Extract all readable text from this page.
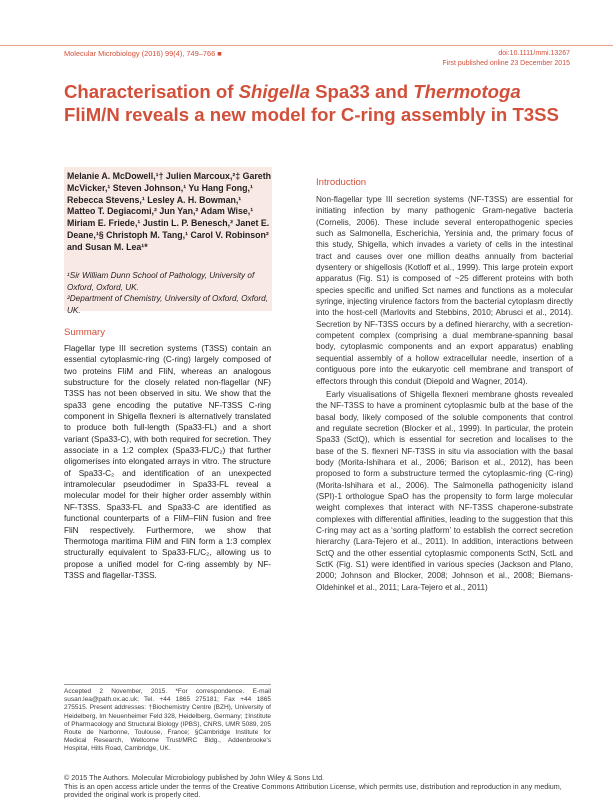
Molecular Microbiology (2016) 99(4), 749–766 ■	doi:10.1111/mmi.13267
First published online 23 December 2015
Characterisation of Shigella Spa33 and Thermotoga FliM/N reveals a new model for C-ring assembly in T3SS
Melanie A. McDowell,¹† Julien Marcoux,²‡ Gareth McVicker,¹ Steven Johnson,¹ Yu Hang Fong,¹ Rebecca Stevens,¹ Lesley A. H. Bowman,¹ Matteo T. Degiacomi,² Jun Yan,² Adam Wise,¹ Miriam E. Friede,¹ Justin L. P. Benesch,² Janet E. Deane,¹§ Christoph M. Tang,¹ Carol V. Robinson² and Susan M. Lea¹*
¹Sir William Dunn School of Pathology, University of Oxford, Oxford, UK.
²Department of Chemistry, University of Oxford, Oxford, UK.
Summary
Flagellar type III secretion systems (T3SS) contain an essential cytoplasmic-ring (C-ring) largely composed of two proteins FliM and FliN, whereas an analogous substructure for the closely related non-flagellar (NF) T3SS has not been observed in situ. We show that the spa33 gene encoding the putative NF-T3SS C-ring component in Shigella flexneri is alternatively translated to produce both full-length (Spa33-FL) and a short variant (Spa33-C), with both required for secretion. They associate in a 1:2 complex (Spa33-FL/C₂) that further oligomerises into elongated arrays in vitro. The structure of Spa33-C₂ and identification of an unexpected intramolecular pseudodimer in Spa33-FL reveal a molecular model for their higher order assembly within NF-T3SS. Spa33-FL and Spa33-C are identified as functional counterparts of a FliM–FliN fusion and free FliN respectively. Furthermore, we show that Thermotoga maritima FliM and FliN form a 1:3 complex structurally equivalent to Spa33-FL/C₂, allowing us to propose a unified model for C-ring assembly by NF-T3SS and flagellar-T3SS.
Accepted 2 November, 2015. *For correspondence. E-mail susan.lea@path.ox.ac.uk; Tel. +44 1865 275181; Fax +44 1865 275515. Present addresses: †Biochemistry Centre (BZH), University of Heidelberg, Im Neuenheimer Feld 328, Heidelberg, Germany; ‡Institute of Pharmacology and Structural Biology (IPBS), CNRS, UMR 5089, 205 Route de Narbonne, Toulouse, France; §Cambridge Institute for Medical Research, Wellcome Trust/MRC Bldg., Addenbrooke's Hospital, Hills Road, Cambridge, UK.
Introduction

Non-flagellar type III secretion systems (NF-T3SS) are essential for initiating infection by many pathogenic Gram-negative bacteria (Cornelis, 2006). These include several enteropathogenic species such as Salmonella, Escherichia, Yersinia and, the primary focus of this study, Shigella, which invades a variety of cells in the intestinal tract and causes over one million deaths annually from bacterial dysentery or shigellosis (Kotloff et al., 1999). This large protein export apparatus (Fig. S1) is composed of ~25 different proteins with both species specific and unified Sct names and functions as a molecular syringe, injecting virulence factors from the bacterial cytoplasm directly into the host-cell (Marlovits and Stebbins, 2010; Abrusci et al., 2014). Secretion by NF-T3SS occurs by a defined hierarchy, with a secretion-competent complex (comprising a dual membrane-spanning basal body, cytoplasmic components and an export apparatus) enabling sequential assembly of a hollow extracellular needle, insertion of a contiguous pore into the eukaryotic cell membrane and transport of effectors through this conduit (Diepold and Wagner, 2014).

Early visualisations of Shigella flexneri membrane ghosts revealed the NF-T3SS to have a prominent cytoplasmic bulb at the base of the basal body, likely composed of the soluble components that control and regulate secretion (Blocker et al., 1999). In particular, the protein Spa33 (SctQ), which is essential for secretion and localises to the base of the S. flexneri NF-T3SS in situ via association with the basal body (Morita-Ishihara et al., 2006; Barison et al., 2012), has been proposed to form a substructure termed the cytoplasmic-ring (C-ring) (Morita-Ishihara et al., 2006). The Salmonella pathogenicity island (SPI)-1 orthologue SpaO has the propensity to form large molecular weight complexes that interact with NF-T3SS chaperone-substrate complexes with differential affinities, leading to the suggestion that this C-ring may act as a ‘sorting platform’ to establish the correct secretion hierarchy (Lara-Tejero et al., 2011). In addition, interactions between SctQ and the other essential cytoplasmic components SctN, SctL and SctK (Fig. S1) were identified in various species (Jackson and Plano, 2000; Johnson and Blocker, 2008; Johnson et al., 2008; Biemans-Oldehinkel et al., 2011; Lara-Tejero et al., 2011)

© 2015 The Authors. Molecular Microbiology published by John Wiley & Sons Ltd.
This is an open access article under the terms of the Creative Commons Attribution License, which permits use, distribution and reproduction in any medium, provided the original work is properly cited.
